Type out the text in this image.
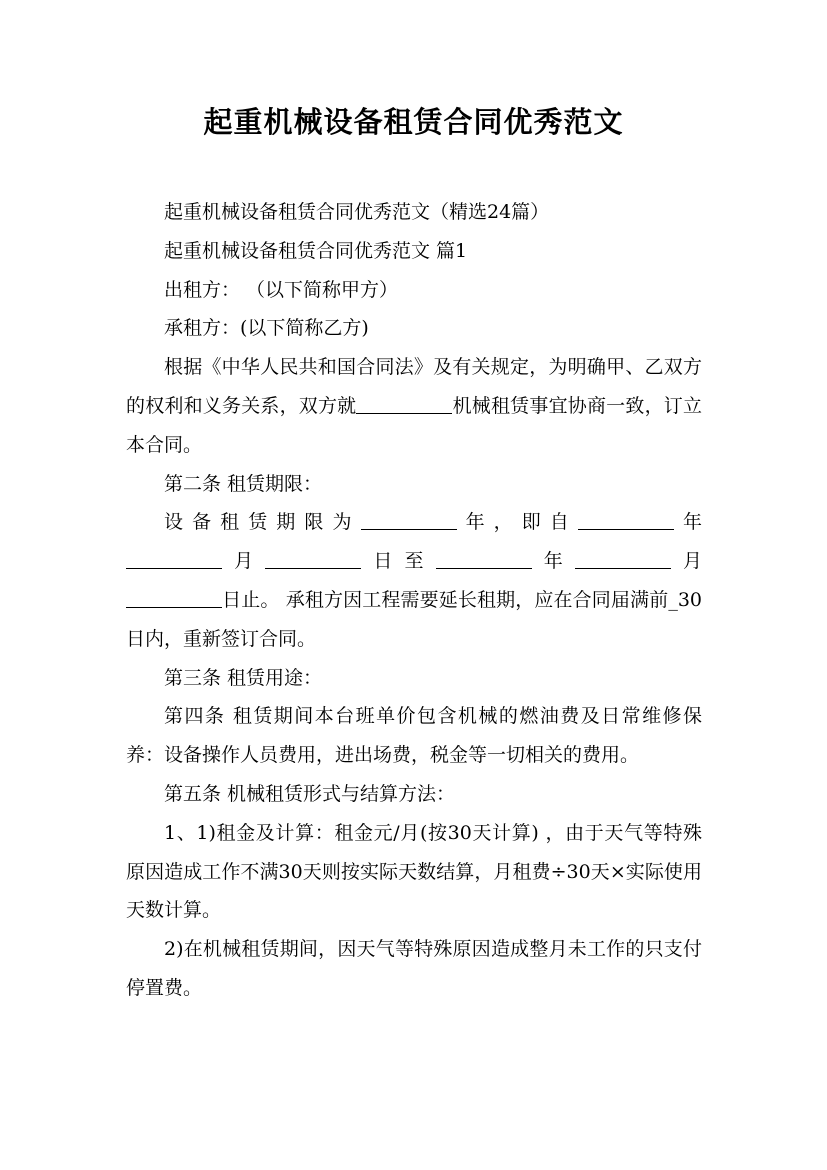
起重机械设备租赁合同优秀范文

起重机械设备租赁合同优秀范文（精选24篇）

起重机械设备租赁合同优秀范文 篇1

出租方： （以下简称甲方）

承租方：(以下简称乙方)

根据《中华人民共和国合同法》及有关规定，为明确甲、乙双方的权利和义务关系，双方就	机械租赁事宜协商一致，订立本合同。

第二条 租赁期限：

设备租赁期限为	年，即自	年

月	日至	年	月

日止。 承租方因工程需要延长租期，应在合同届满前_30日内，重新签订合同。

第三条 租赁用途：

第四条 租赁期间本台班单价包含机械的燃油费及日常维修保养：设备操作人员费用，进出场费，税金等一切相关的费用。

第五条 机械租赁形式与结算方法：

1、1)租金及计算：租金元/月(按30天计算) ，由于天气等特殊原因造成工作不满30天则按实际天数结算，月租费÷30天×实际使用天数计算。

2)在机械租赁期间，因天气等特殊原因造成整月未工作的只支付停置费。
